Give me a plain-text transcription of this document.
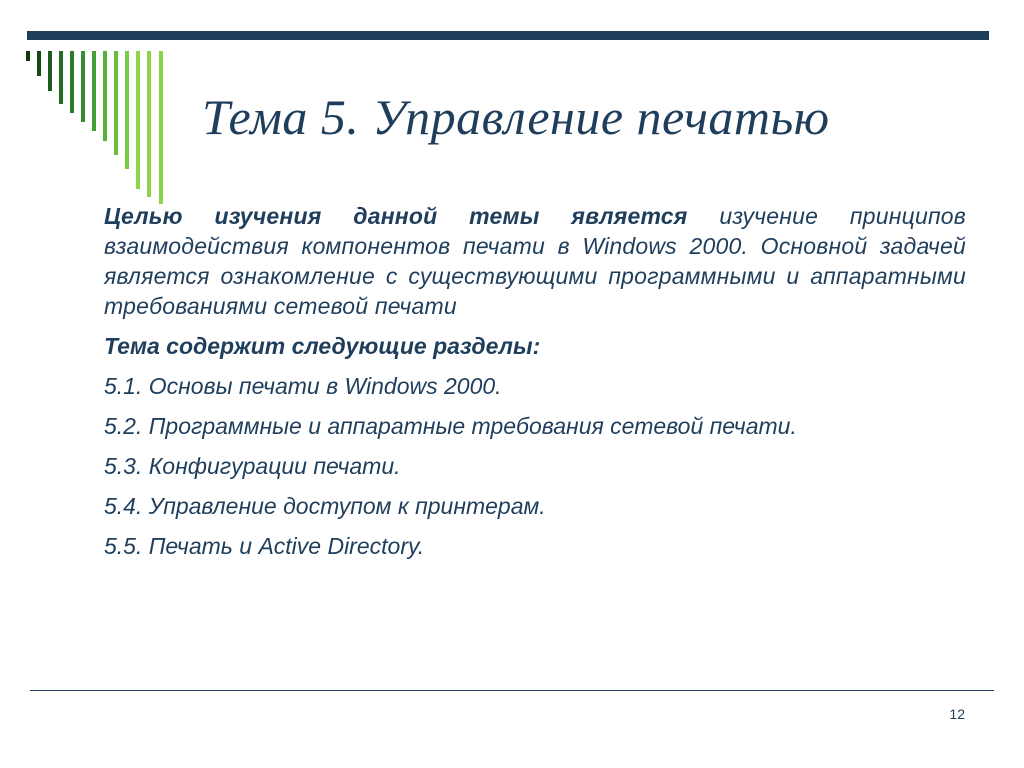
Тема 5. Управление печатью

Целью изучения данной темы является изучение принципов взаимодействия компонентов печати в Windows 2000. Основной задачей является ознакомление с существующими программными и аппаратными требованиями сетевой печати

Тема содержит следующие разделы:

5.1. Основы печати в Windows 2000.
5.2. Программные и аппаратные требования сетевой печати.
5.3. Конфигурации печати.
5.4. Управление доступом к принтерам.
5.5. Печать и Active Directory.
12
